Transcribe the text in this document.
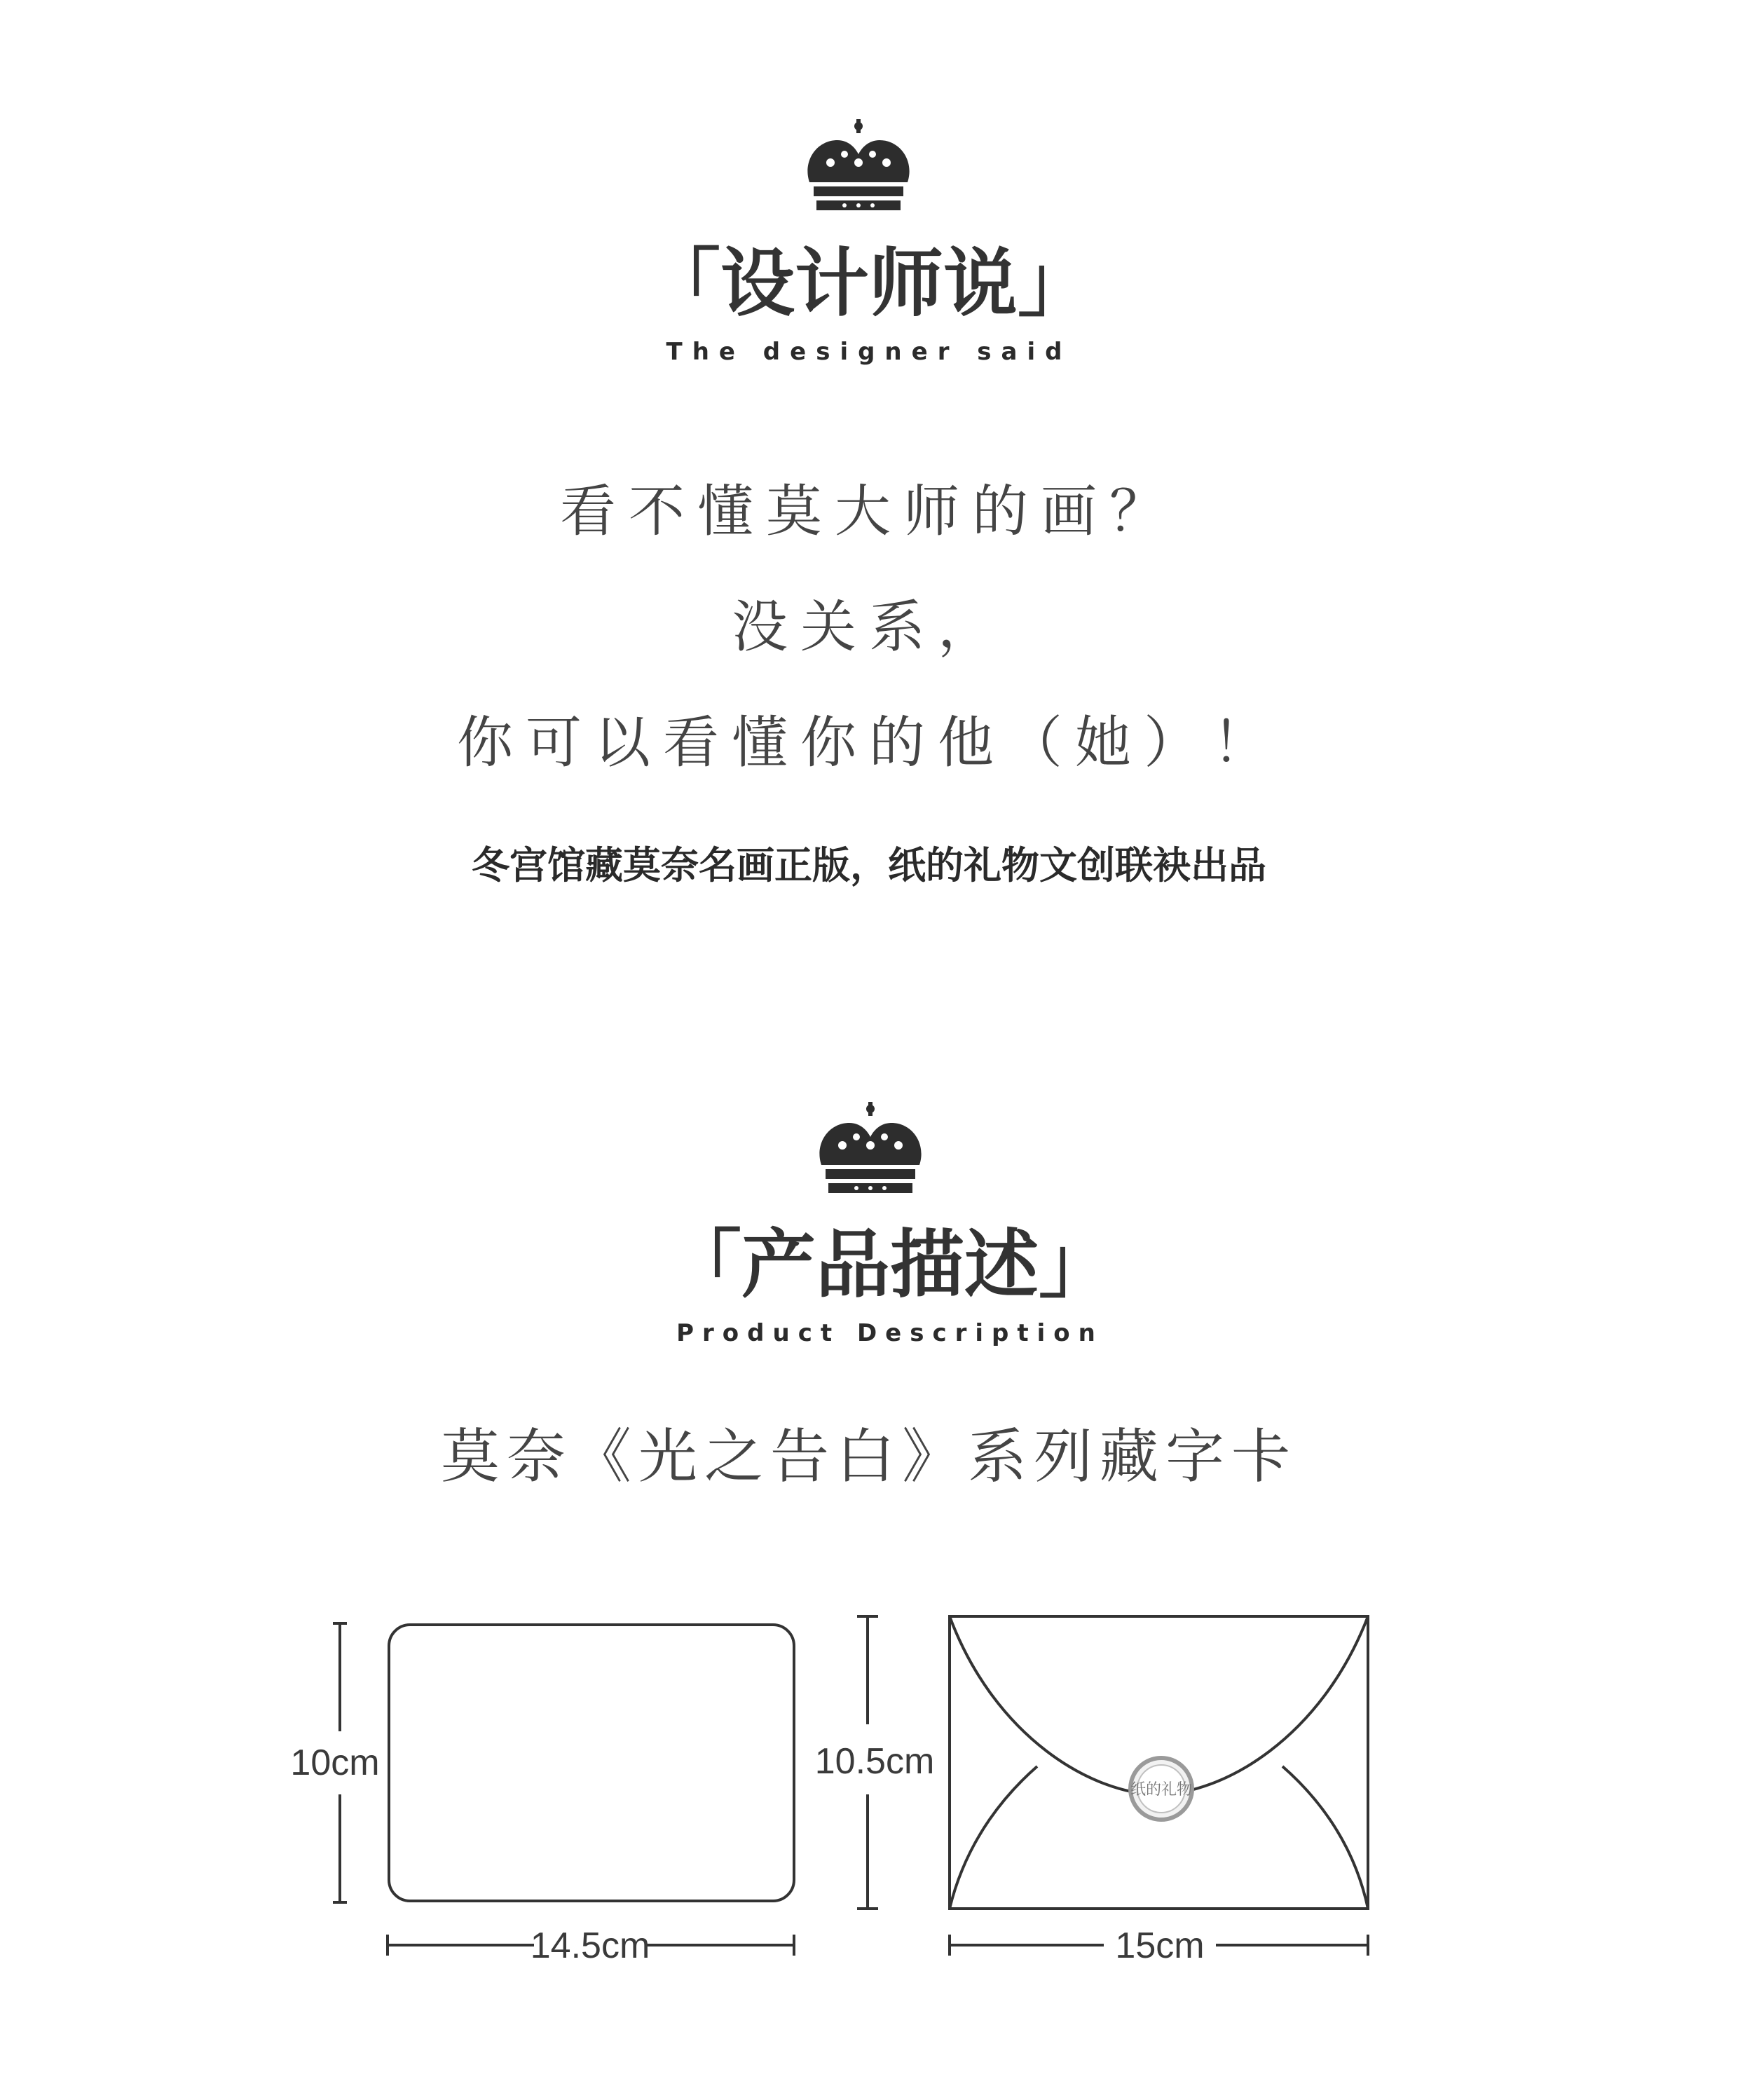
「设计师说」
The designer said
看不懂莫大师的画？
没关系，
你可以看懂你的他（她）！
冬宫馆藏莫奈名画正版，纸的礼物文创联袂出品
「产品描述」
Product Description
莫奈《光之告白》系列藏字卡
10cm
14.5cm
纸的礼物
10.5cm
15cm
